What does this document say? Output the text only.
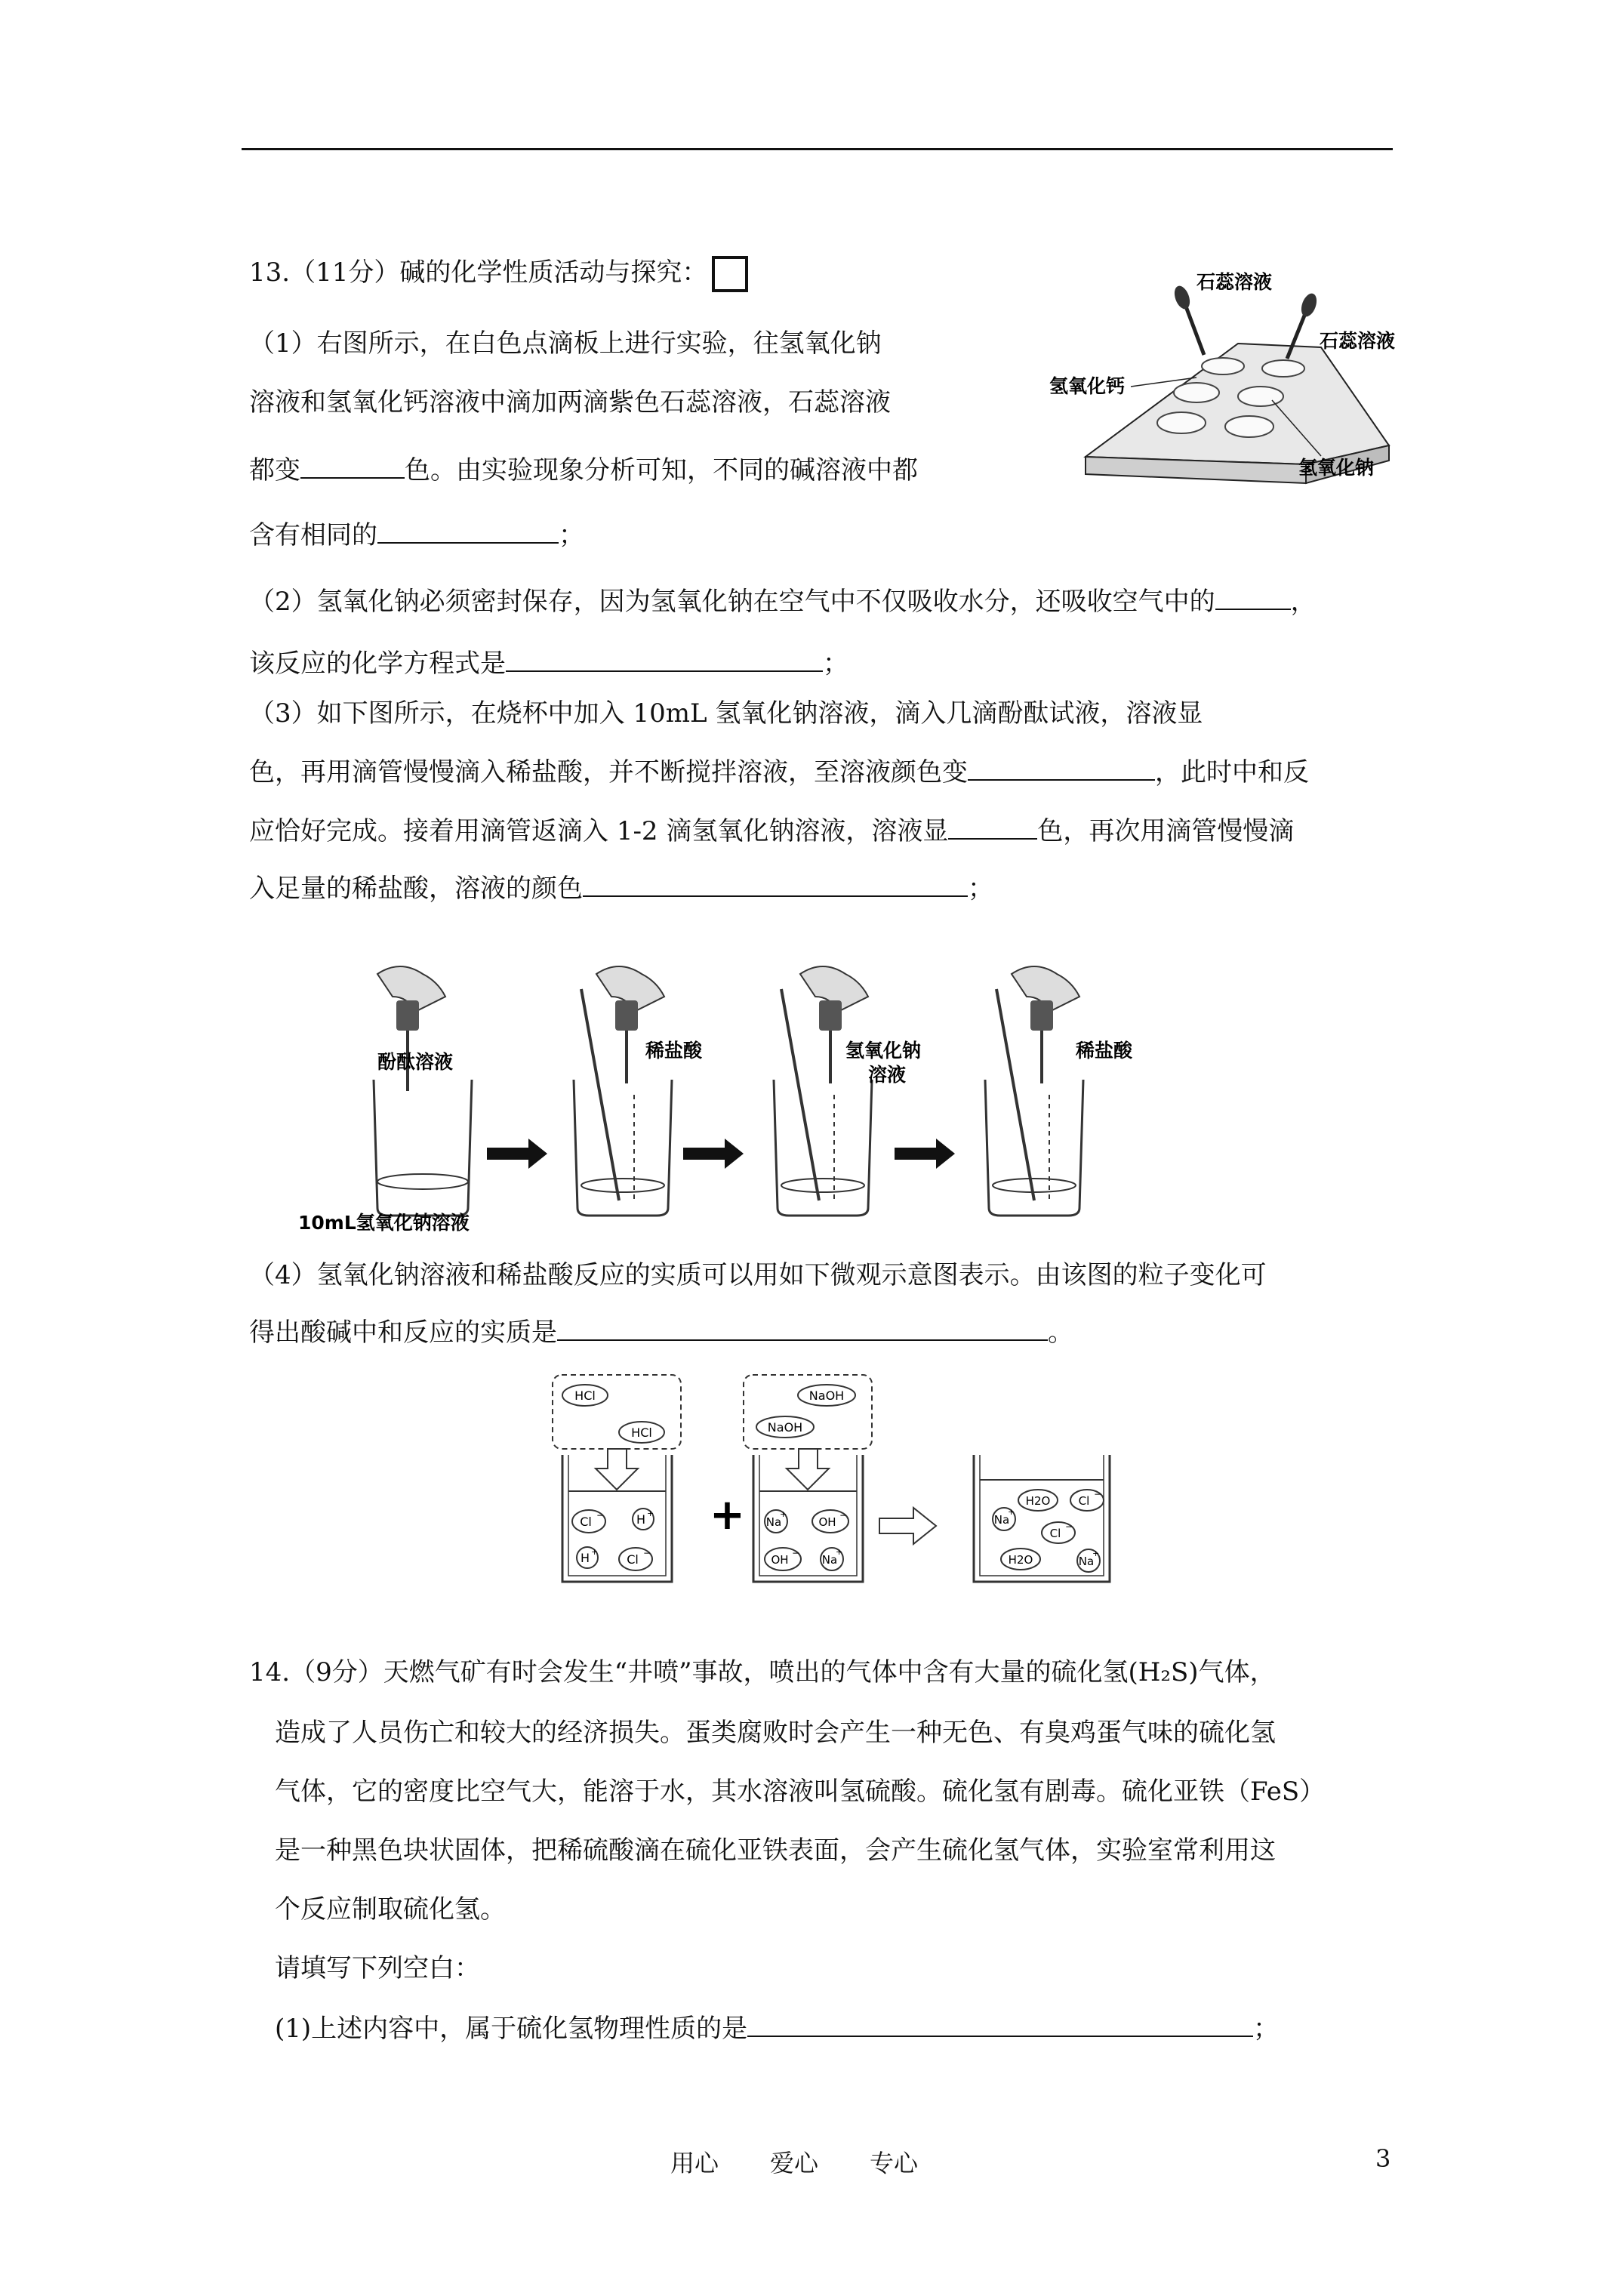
13.（11分）碱的化学性质活动与探究：
（1）右图所示，在白色点滴板上进行实验，往氢氧化钠
溶液和氢氧化钙溶液中滴加两滴紫色石蕊溶液，石蕊溶液
都变	色。由实验现象分析可知，不同的碱溶液中都
含有相同的	；
（2）氢氧化钠必须密封保存，因为氢氧化钠在空气中不仅吸收水分，还吸收空气中的	，
该反应的化学方程式是	；
（3）如下图所示，在烧杯中加入 10mL 氢氧化钠溶液，滴入几滴酚酞试液，溶液显
色，再用滴管慢慢滴入稀盐酸，并不断搅拌溶液，至溶液颜色变	，此时中和反
应恰好完成。接着用滴管返滴入 1-2 滴氢氧化钠溶液，溶液显	色，再次用滴管慢慢滴
入足量的稀盐酸，溶液的颜色	；
石蕊溶液
石蕊溶液
氢氧化钙
氢氧化钠
酚酞溶液
稀盐酸	氢氧化钠
溶液
稀盐酸
10mL氢氧化钠溶液
（4）氢氧化钠溶液和稀盐酸反应的实质可以用如下微观示意图表示。由该图的粒子变化可
得出酸碱中和反应的实质是	。
HCl
HCl
Cl −	H +
H +
Cl −
+
NaOH
NaOH
Na
+
OH −
OH − Na
+
H2O Cl −
Na
+
Cl −
H2O	Na
+
14.（9分）天燃气矿有时会发生“井喷”事故，喷出的气体中含有大量的硫化氢(H₂S)气体，
造成了人员伤亡和较大的经济损失。蛋类腐败时会产生一种无色、有臭鸡蛋气味的硫化氢
气体，它的密度比空气大，能溶于水，其水溶液叫氢硫酸。硫化氢有剧毒。硫化亚铁（FeS）
是一种黑色块状固体，把稀硫酸滴在硫化亚铁表面，会产生硫化氢气体，实验室常利用这
个反应制取硫化氢。
请填写下列空白：
(1)上述内容中，属于硫化氢物理性质的是	；
用心 爱心 专心	3
